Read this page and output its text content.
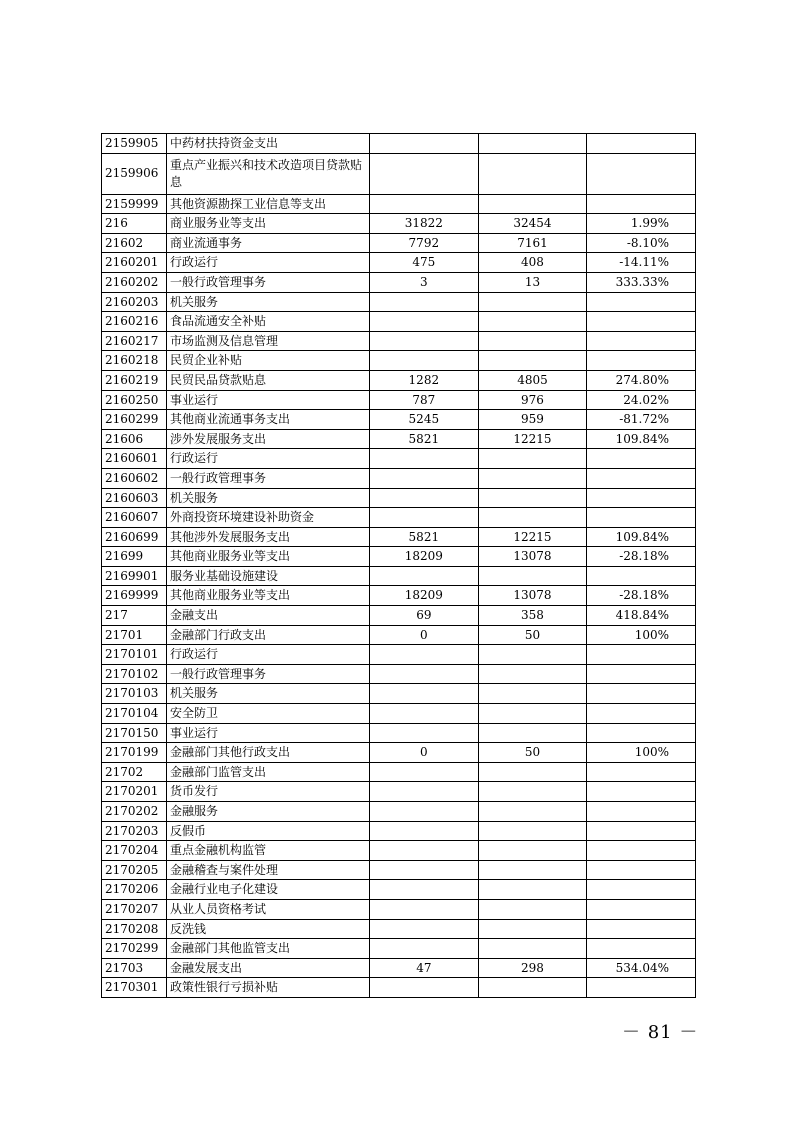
2159905	中药材扶持资金支出			
2159906	重点产业振兴和技术改造项目贷款贴息			
2159999	其他资源勘探工业信息等支出			
216	商业服务业等支出	31822	32454	1.99%
21602	商业流通事务	7792	7161	-8.10%
2160201	行政运行	475	408	-14.11%
2160202	一般行政管理事务	3	13	333.33%
2160203	机关服务			
2160216	食品流通安全补贴			
2160217	市场监测及信息管理			
2160218	民贸企业补贴			
2160219	民贸民品贷款贴息	1282	4805	274.80%
2160250	事业运行	787	976	24.02%
2160299	其他商业流通事务支出	5245	959	-81.72%
21606	涉外发展服务支出	5821	12215	109.84%
2160601	行政运行			
2160602	一般行政管理事务			
2160603	机关服务			
2160607	外商投资环境建设补助资金			
2160699	其他涉外发展服务支出	5821	12215	109.84%
21699	其他商业服务业等支出	18209	13078	-28.18%
2169901	服务业基础设施建设			
2169999	其他商业服务业等支出	18209	13078	-28.18%
217	金融支出	69	358	418.84%
21701	金融部门行政支出	0	50	100%
2170101	行政运行			
2170102	一般行政管理事务			
2170103	机关服务			
2170104	安全防卫			
2170150	事业运行			
2170199	金融部门其他行政支出	0	50	100%
21702	金融部门监管支出			
2170201	货币发行			
2170202	金融服务			
2170203	反假币			
2170204	重点金融机构监管			
2170205	金融稽查与案件处理			
2170206	金融行业电子化建设			
2170207	从业人员资格考试			
2170208	反洗钱			
2170299	金融部门其他监管支出			
21703	金融发展支出	47	298	534.04%
2170301	政策性银行亏损补贴			
－ 81 －
